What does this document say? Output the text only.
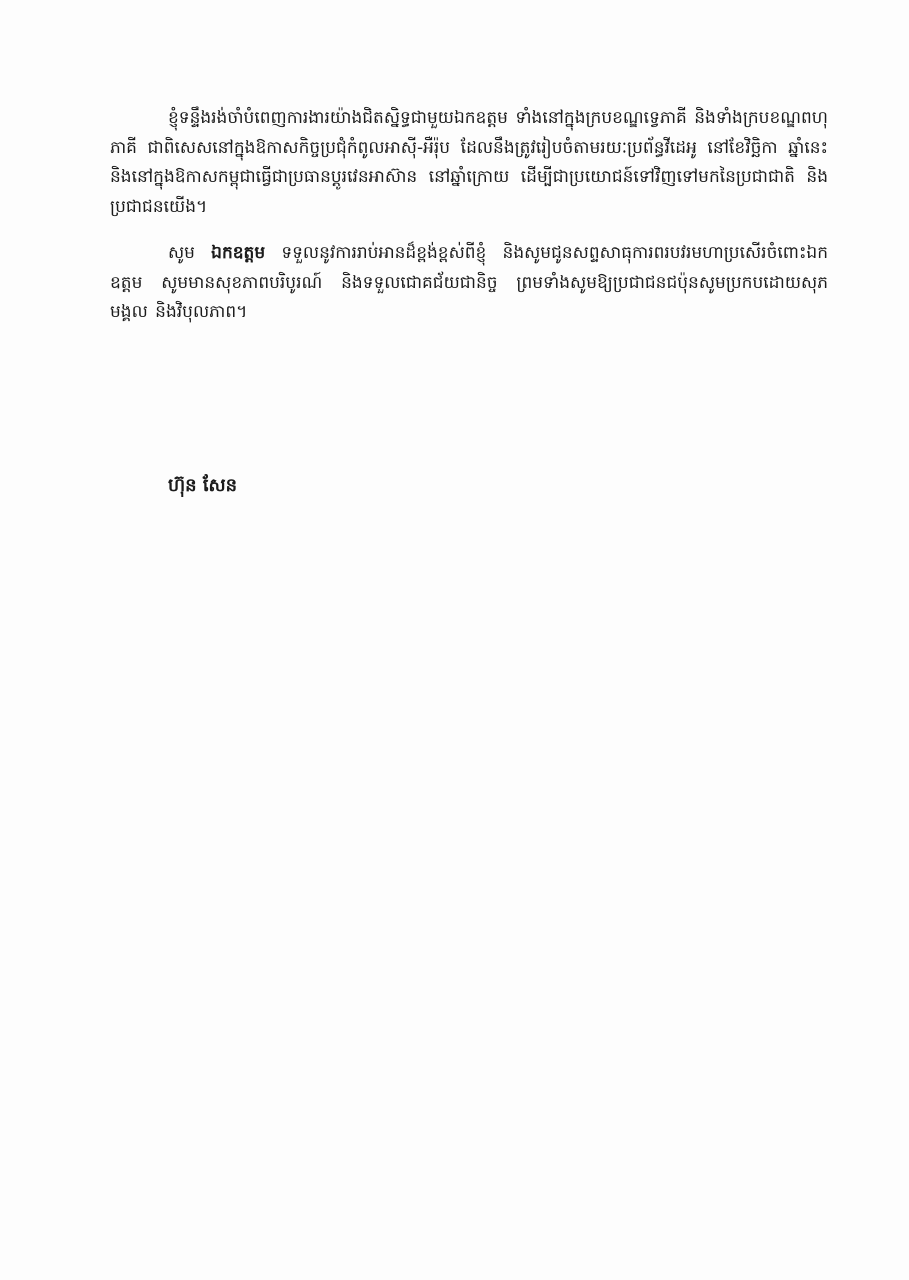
ខ្ញុំទន្ទឹងរង់ចាំបំពេញការងារយ៉ាងជិតស្និទ្ធជាមួយឯកឧត្តម ទាំងនៅក្នុងក្របខណ្ឌទ្វេភាគី និងទាំងក្របខណ្ឌពហុភាគី ជាពិសេសនៅក្នុងឱកាសកិច្ចប្រជុំកំពូលអាស៊ី-អឺរ៉ុប ដែលនឹងត្រូវរៀបចំតាមរយៈប្រព័ន្ធវីដេអូ នៅខែវិច្ឆិកា ឆ្នាំនេះ និងនៅក្នុងឱកាសកម្ពុជាធ្វើជាប្រធានប្ដូរវេនអាស៊ាន នៅឆ្នាំក្រោយ ដើម្បីជាប្រយោជន៍ទៅវិញទៅមកនៃប្រជាជាតិ និងប្រជាជនយើង។

សូម ឯកឧត្តម ទទួលនូវការរាប់អានដ៏ខ្ពង់ខ្ពស់ពីខ្ញុំ និងសូមជូនសព្ទសាធុការពរបវរមហាប្រសើរចំពោះឯកឧត្តម សូមមានសុខភាពបរិបូរណ៍ និងទទួលជោគជ័យជានិច្ច ព្រមទាំងសូមឱ្យប្រជាជនជប៉ុនសូមប្រកបដោយសុភមង្គល និងវិបុលភាព។

ហ៊ុន សែន
